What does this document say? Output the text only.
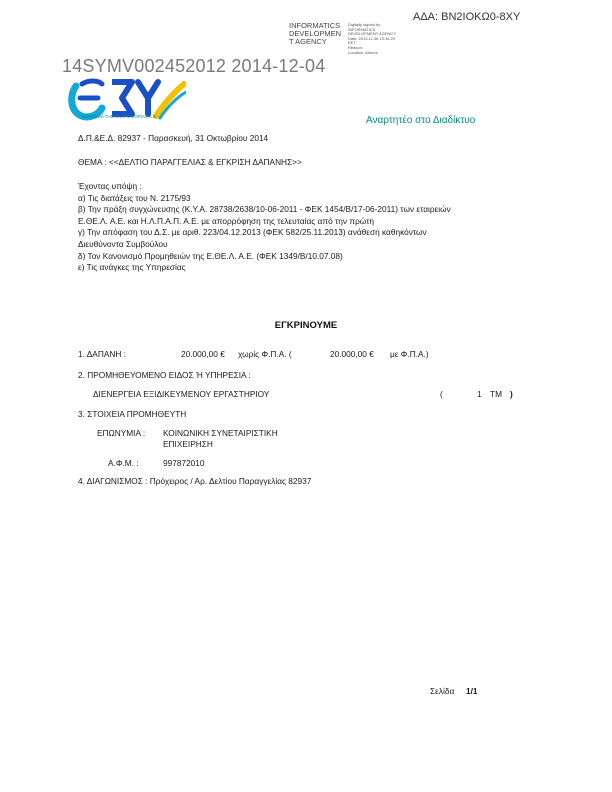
ΑΔΑ: ΒΝ2ΙΟΚΩ0-8ΧΥ
INFORMATICS
DEVELOPMEN
T AGENCY
Digitally signed by
INFORMATICS
DEVELOPMENT AGENCY
Date: 2014.11.06 10:34:29
EET
Reason:
Location: Athens
14SYMV002452012 2014-12-04
ΚΟΙΝΩΝΙΑ ΤΗΣ ΠΛΗΡΟΦΟΡΙΑΣ Α.Ε.	Αναρτητέο στο Διαδίκτυο
Δ.Π.&Ε.Δ. 82937 - Παρασκευή, 31 Οκτωβρίου 2014
ΘΕΜΑ : <<ΔΕΛΤΙΟ ΠΑΡΑΓΓΕΛΙΑΣ & ΕΓΚΡΙΣΗ ΔΑΠΑΝΗΣ>>
Έχοντας υπόψη :
α) Τις διατάξεις του Ν. 2175/93
β) Την πράξη συγχώνευσης (Κ.Υ.Α. 28738/2638/10-06-2011 - ΦΕΚ 1454/Β/17-06-2011) των εταιρειών
Ε.ΘΕ.Λ. Α.Ε. και Η.Λ.Π.Α.Π. Α.Ε. με απορρόφηση της τελευταίας από την πρώτη
γ) Την απόφαση του Δ.Σ. με αριθ. 223/04.12.2013 (ΦΕΚ 582/25.11.2013) ανάθεση καθηκόντων
Διευθύνοντα Συμβούλου
δ) Τον Κανονισμό Προμηθειών της Ε.ΘΕ.Λ. Α.Ε. (ΦΕΚ 1349/Β/10.07.08)
ε) Τις ανάγκες της Υπηρεσίας
ΕΓΚΡΙΝΟΥΜΕ
1. ΔΑΠΑΝΗ :	20.000,00 € χωρίς Φ.Π.Α. (	20.000,00 € με Φ.Π.Α.)
2. ΠΡΟΜΗΘΕΥΟΜΕΝΟ ΕΙΔΟΣ Ή ΥΠΗΡΕΣΙΑ :
ΔΙΕΝΕΡΓΕΙΑ ΕΞΙΔΙΚΕΥΜΕΝΟΥ ΕΡΓΑΣΤΗΡΙΟΥ	(	1 ΤΜ )
3. ΣΤΟΙΧΕΙΑ ΠΡΟΜΗΘΕΥΤΗ
ΕΠΩΝΥΜΙΑ : ΚΟΙΝΩΝΙΚΗ ΣΥΝΕΤΑΙΡΙΣΤΙΚΗ
ΕΠΙΧΕΙΡΗΣΗ
Α.Φ.Μ. :	997872010
4. ΔΙΑΓΩΝΙΣΜΟΣ : Πρόχειρος / Αρ. Δελτίου Παραγγελίας 82937
Σελίδα 1/1
